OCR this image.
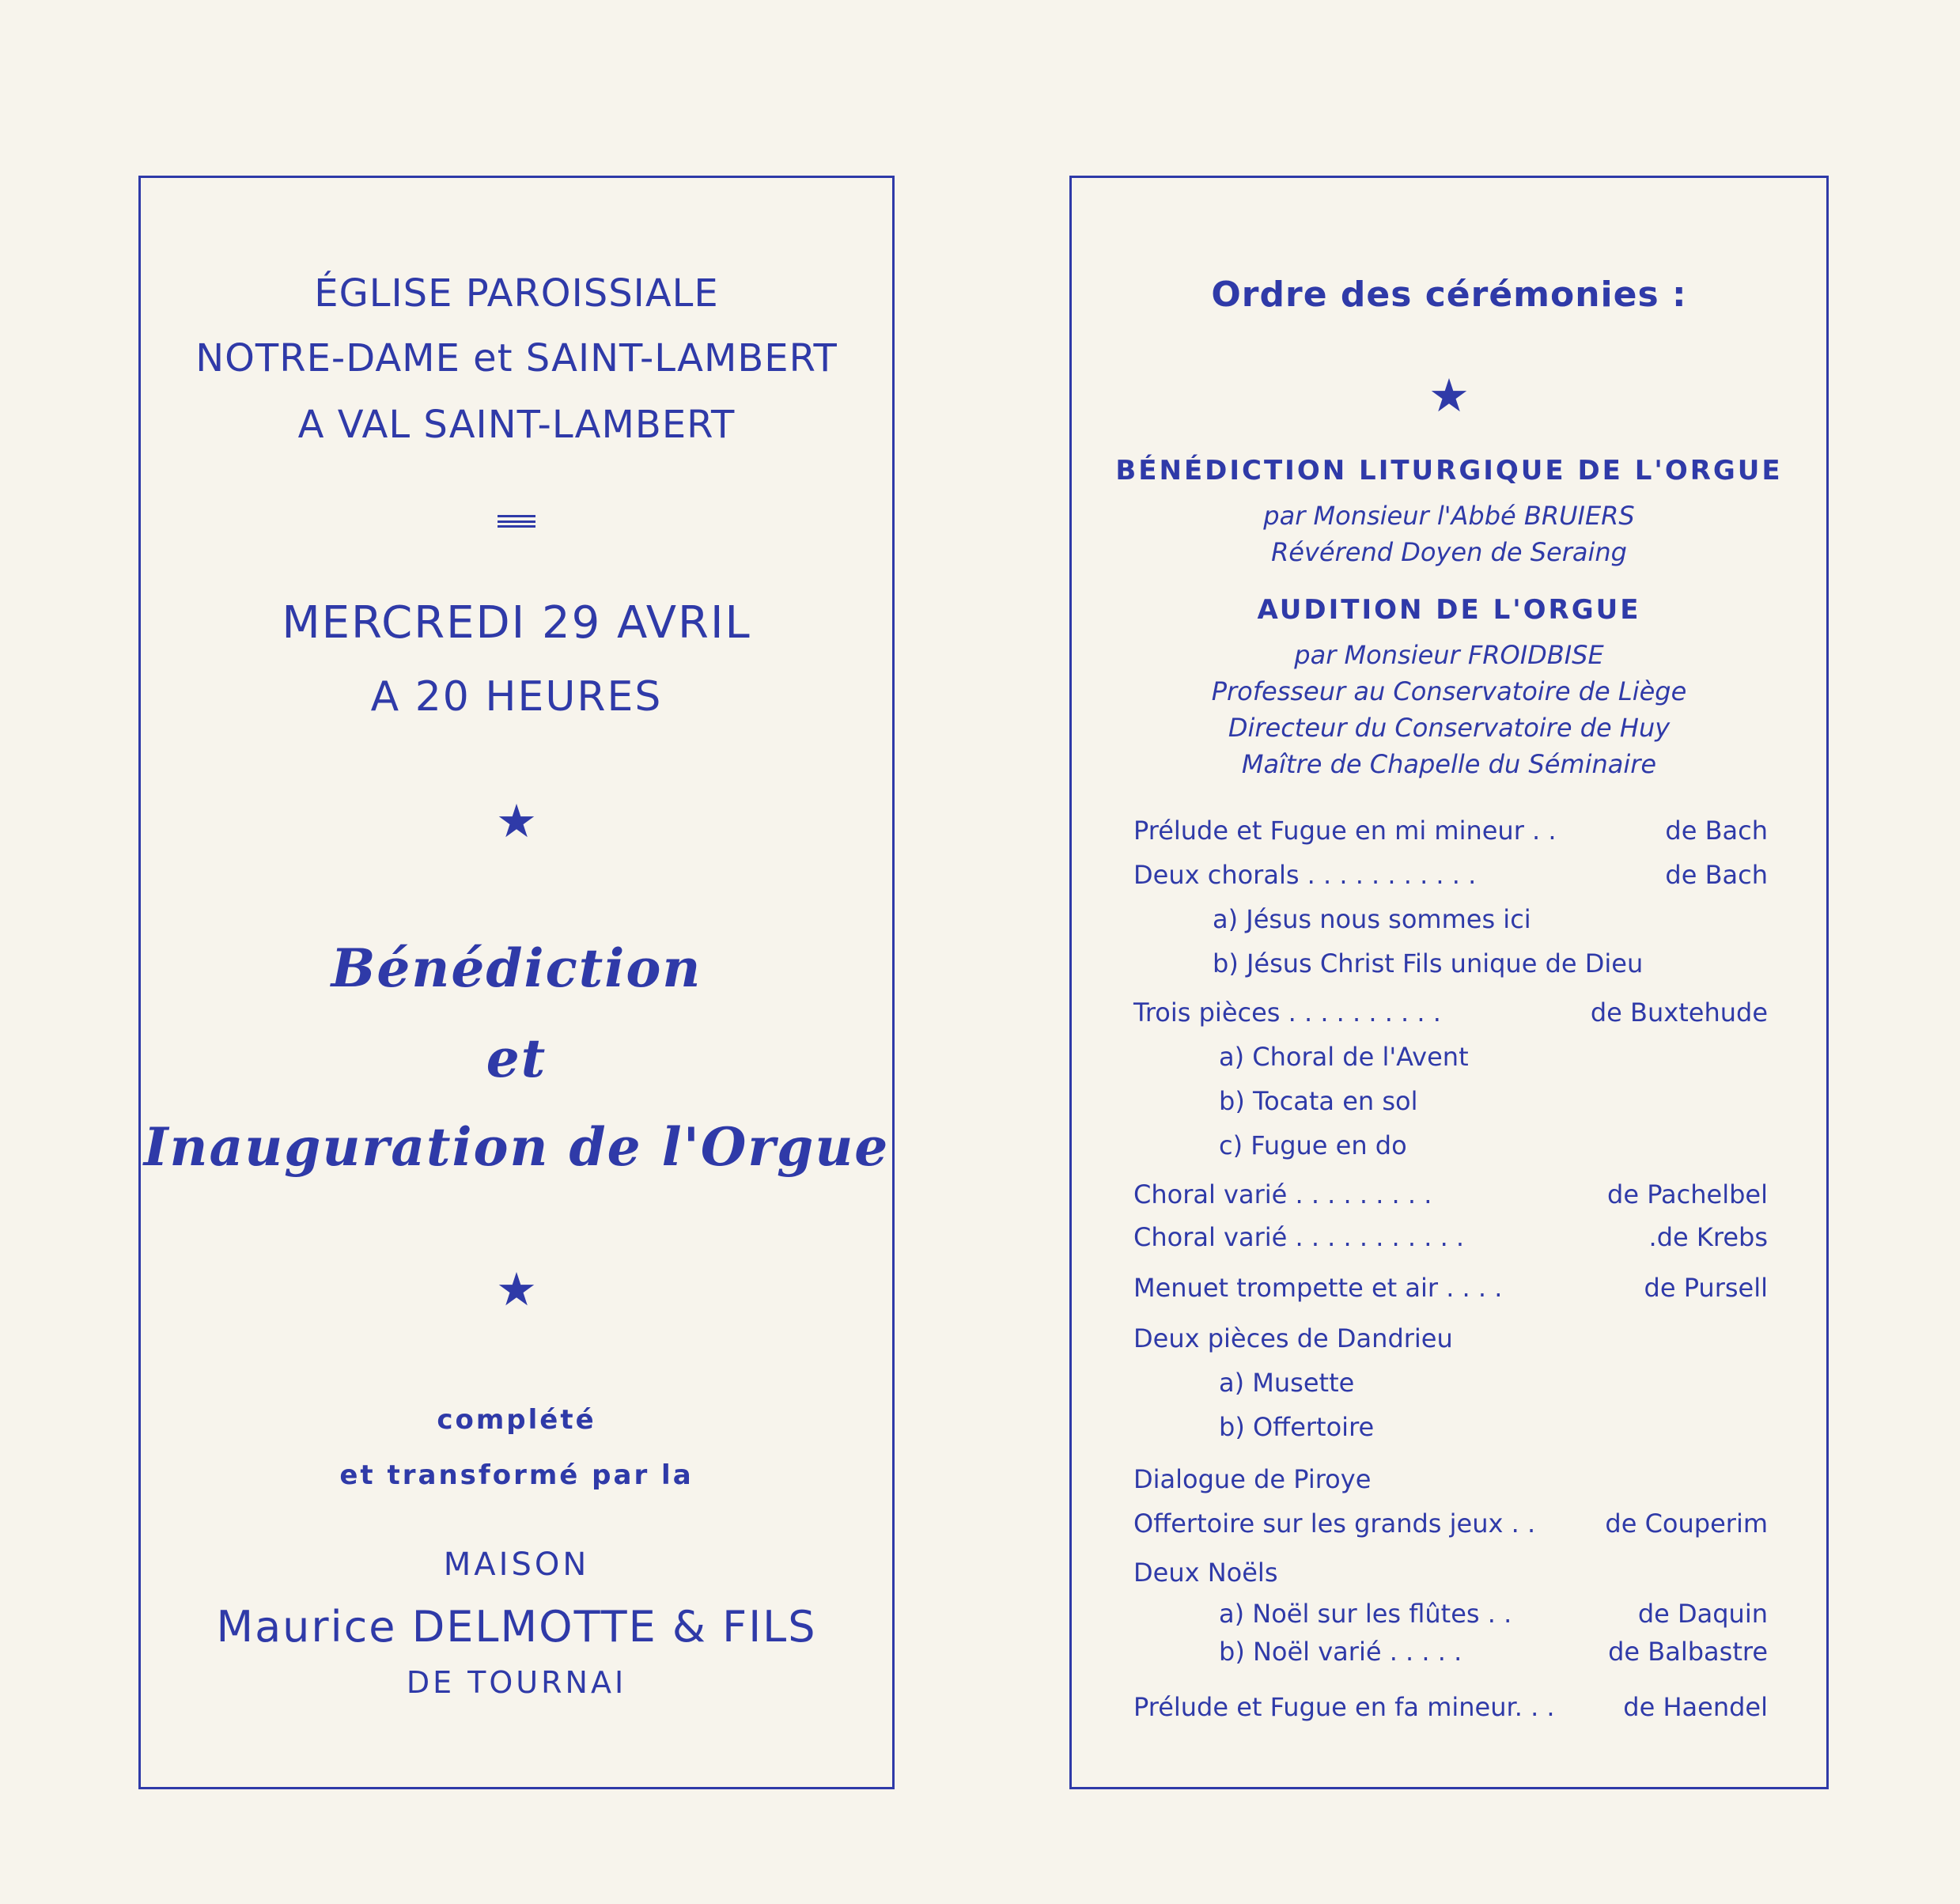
ÉGLISE PAROISSIALE
NOTRE-DAME et SAINT-LAMBERT
A VAL SAINT-LAMBERT
MERCREDI 29 AVRIL
A 20 HEURES
★
Bénédiction
et
Inauguration de l'Orgue
★
complété
et transformé par la
MAISON
Maurice DELMOTTE & FILS
DE TOURNAI
Ordre des cérémonies :
★
BÉNÉDICTION LITURGIQUE DE L'ORGUE
par Monsieur l'Abbé BRUIERS
Révérend Doyen de Seraing
AUDITION DE L'ORGUE
par Monsieur FROIDBISE
Professeur au Conservatoire de Liège
Directeur du Conservatoire de Huy
Maître de Chapelle du Séminaire
Prélude et Fugue en mi mineur . .	de Bach
Deux chorals . . . . . . . . . . .	de Bach
a) Jésus nous sommes ici
b) Jésus Christ Fils unique de Dieu
Trois pièces . . . . . . . . . .	de Buxtehude
a) Choral de l'Avent
b) Tocata en sol
c) Fugue en do
Choral varié . . . . . . . . .	de Pachelbel
Choral varié . . . . . . . . . . .	.de Krebs
Menuet trompette et air . . . .	de Pursell
Deux pièces de Dandrieu
a) Musette
b) Offertoire
Dialogue de Piroye
Offertoire sur les grands jeux . .	de Couperim
Deux Noëls
a) Noël sur les flûtes . .	de Daquin
b) Noël varié . . . . .	de Balbastre
Prélude et Fugue en fa mineur. . .	de Haendel
